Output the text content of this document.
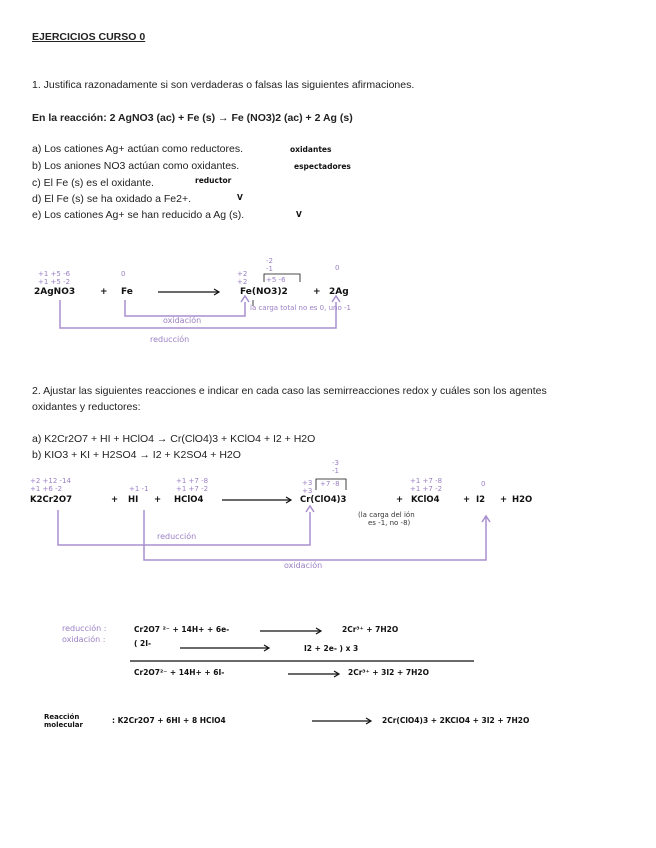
EJERCICIOS CURSO 0
1. Justifica razonadamente si son verdaderas o falsas las siguientes afirmaciones.
En la reacción: 2 AgNO3 (ac) + Fe (s) → Fe (NO3)2 (ac) + 2 Ag (s)
a) Los cationes Ag+ actúan como reductores.	oxidantes
b) Los aniones NO3 actúan como oxidantes.	espectadores
c) El Fe (s) es el oxidante.	reductor
d) El Fe (s) se ha oxidado a Fe2+.	V
e) Los cationes Ag+ se han reducido a Ag (s).	V
+1 +5 -6
+1 +5 -2
0	+2
+2
-2
-1
+5 -6
0
2AgNO3	+ Fe	Fe(NO3)2	+ 2Ag
la carga total no es 0, uno -1
oxidación
reducción
2. Ajustar las siguientes reacciones e indicar en cada caso las semirreacciones redox y cuáles son los agentes
oxidantes y reductores:
a) K2Cr2O7 + HI + HClO4 → Cr(ClO4)3 + KClO4 + I2 + H2O
b) KIO3 + KI + H2SO4 → I2 + K2SO4 + H2O
+2 +12 -14
+1 +6 -2	+1 -1
+1 +7 -8
+1 +7 -2
+3
+3
-3
-1
+7 -8	+1 +7 -8
+1 +7 -2
0
K2Cr2O7	+ HI + HClO4	Cr(ClO4)3	+ KClO4	+ I2 + H2O
(la carga del ión
es -1, no -8)
reducción
oxidación
reducción :
oxidación :
Cr2O7 ²⁻ + 14H+ + 6e-	2Cr³⁺ + 7H2O
( 2I-
I2 + 2e- ) x 3
Cr2O7²⁻ + 14H+ + 6I-	2Cr³⁺ + 3I2 + 7H2O
Reacción
molecular	: K2Cr2O7 + 6HI + 8 HClO4	2Cr(ClO4)3 + 2KClO4 + 3I2 + 7H2O
